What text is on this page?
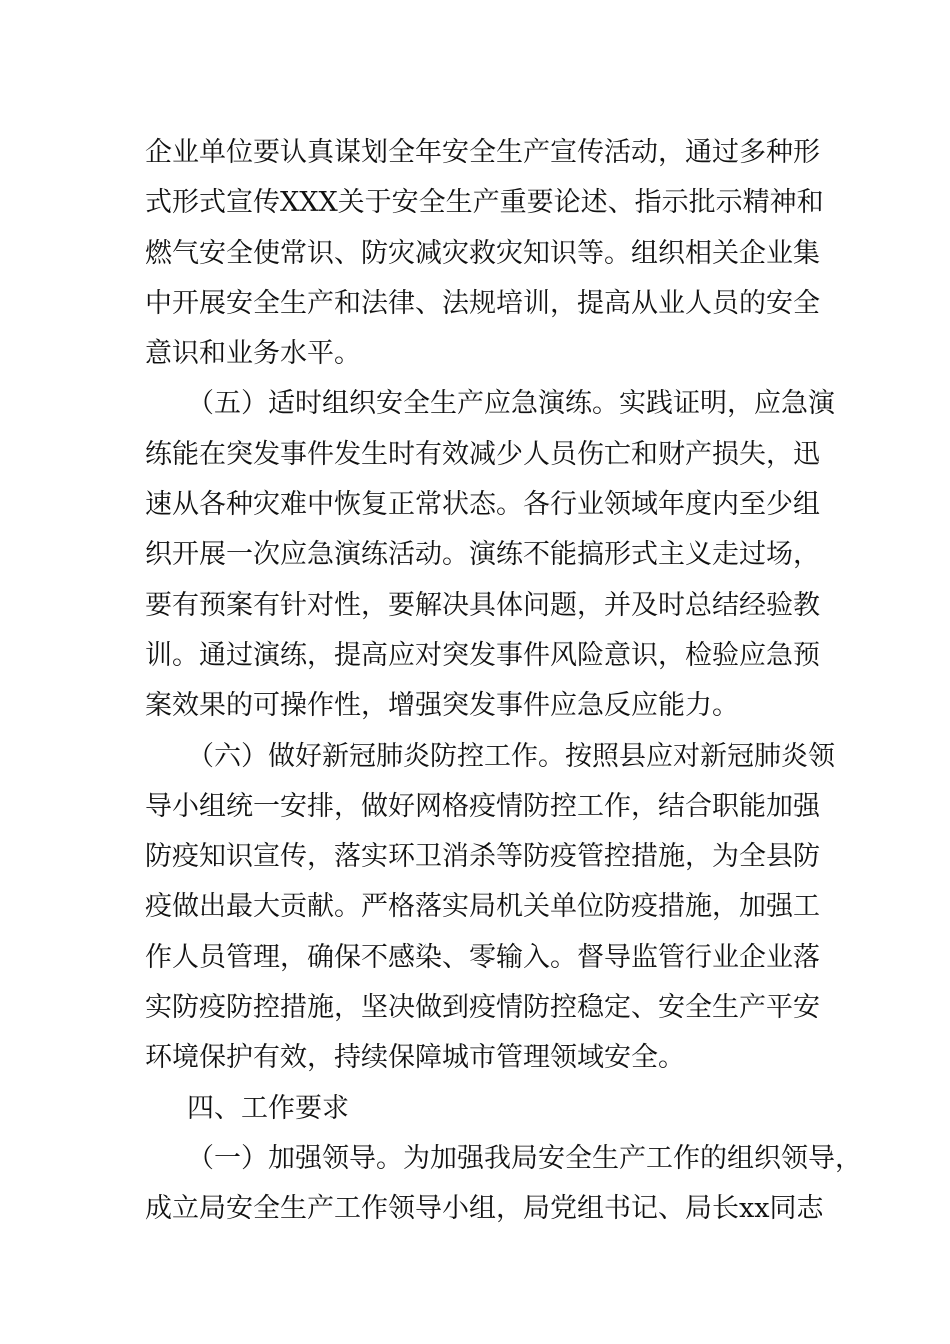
企业单位要认真谋划全年安全生产宣传活动，通过多种形
式形式宣传XXX关于安全生产重要论述、指示批示精神和
燃气安全使常识、防灾减灾救灾知识等。组织相关企业集
中开展安全生产和法律、法规培训，提高从业人员的安全
意识和业务水平。
（五）适时组织安全生产应急演练。实践证明，应急演
练能在突发事件发生时有效减少人员伤亡和财产损失，迅
速从各种灾难中恢复正常状态。各行业领域年度内至少组
织开展一次应急演练活动。演练不能搞形式主义走过场，
要有预案有针对性，要解决具体问题，并及时总结经验教
训。通过演练，提高应对突发事件风险意识，检验应急预
案效果的可操作性，增强突发事件应急反应能力。
（六）做好新冠肺炎防控工作。按照县应对新冠肺炎领
导小组统一安排，做好网格疫情防控工作，结合职能加强
防疫知识宣传，落实环卫消杀等防疫管控措施，为全县防
疫做出最大贡献。严格落实局机关单位防疫措施，加强工
作人员管理，确保不感染、零输入。督导监管行业企业落
实防疫防控措施，坚决做到疫情防控稳定、安全生产平安
环境保护有效，持续保障城市管理领域安全。
四、工作要求
（一）加强领导。为加强我局安全生产工作的组织领导，
成立局安全生产工作领导小组，局党组书记、局长xx同志
